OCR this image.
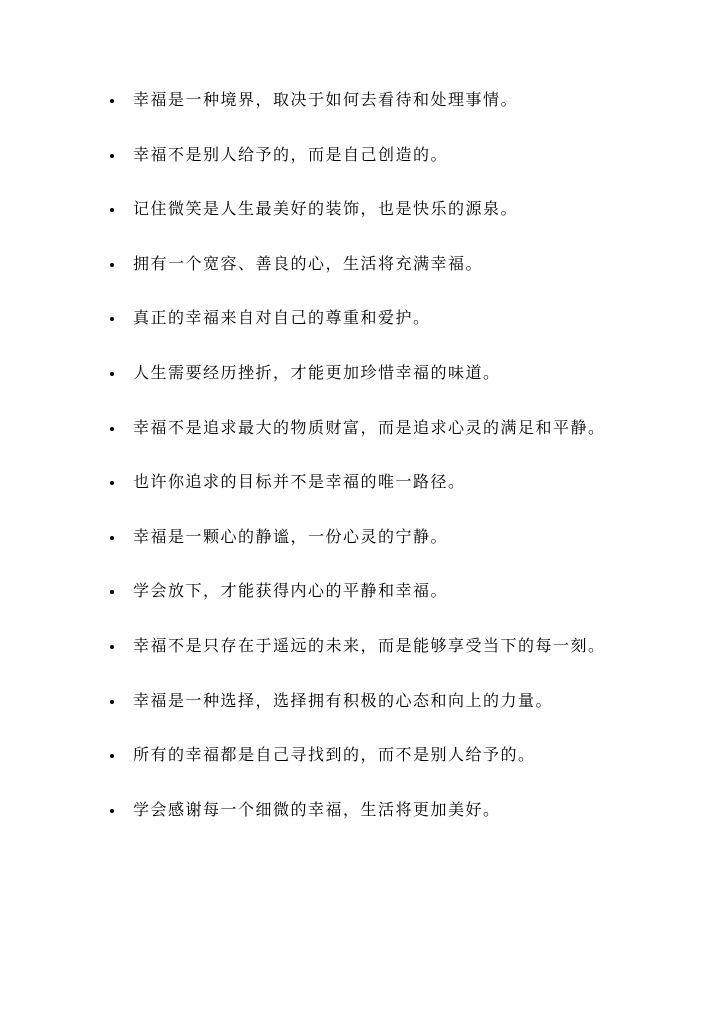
幸福是一种境界，取决于如何去看待和处理事情。
幸福不是别人给予的，而是自己创造的。
记住微笑是人生最美好的装饰，也是快乐的源泉。
拥有一个宽容、善良的心，生活将充满幸福。
真正的幸福来自对自己的尊重和爱护。
人生需要经历挫折，才能更加珍惜幸福的味道。
幸福不是追求最大的物质财富，而是追求心灵的满足和平静。
也许你追求的目标并不是幸福的唯一路径。
幸福是一颗心的静谧，一份心灵的宁静。
学会放下，才能获得内心的平静和幸福。
幸福不是只存在于遥远的未来，而是能够享受当下的每一刻。
幸福是一种选择，选择拥有积极的心态和向上的力量。
所有的幸福都是自己寻找到的，而不是别人给予的。
学会感谢每一个细微的幸福，生活将更加美好。
